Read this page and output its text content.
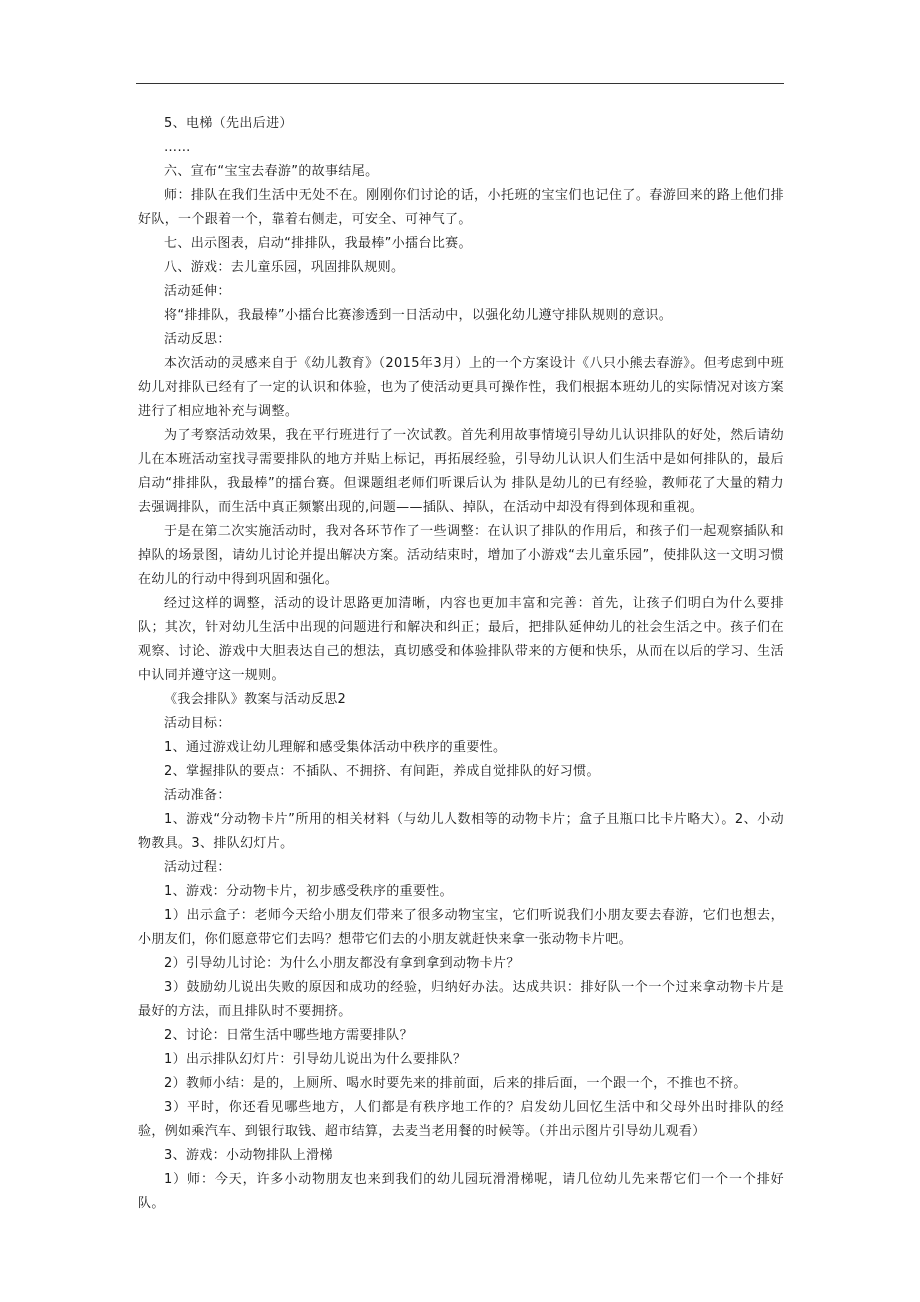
5、电梯（先出后进）

……

六、宣布“宝宝去春游”的故事结尾。

师：排队在我们生活中无处不在。刚刚你们讨论的话，小托班的宝宝们也记住了。春游回来的路上他们排好队，一个跟着一个，靠着右侧走，可安全、可神气了。

七、出示图表，启动“排排队，我最棒”小擂台比赛。

八、游戏：去儿童乐园，巩固排队规则。

活动延伸：

将“排排队，我最棒”小擂台比赛渗透到一日活动中，以强化幼儿遵守排队规则的意识。

活动反思：

本次活动的灵感来自于《幼儿教育》（2015年3月）上的一个方案设计《八只小熊去春游》。但考虑到中班幼儿对排队已经有了一定的认识和体验，也为了使活动更具可操作性，我们根据本班幼儿的实际情况对该方案进行了相应地补充与调整。

为了考察活动效果，我在平行班进行了一次试教。首先利用故事情境引导幼儿认识排队的好处，然后请幼儿在本班活动室找寻需要排队的地方并贴上标记，再拓展经验，引导幼儿认识人们生活中是如何排队的，最后启动“排排队，我最棒”的擂台赛。但课题组老师们听课后认为 排队是幼儿的已有经验，教师花了大量的精力去强调排队，而生活中真正频繁出现的,问题——插队、掉队，在活动中却没有得到体现和重视。

于是在第二次实施活动时，我对各环节作了一些调整：在认识了排队的作用后，和孩子们一起观察插队和掉队的场景图，请幼儿讨论并提出解决方案。活动结束时，增加了小游戏“去儿童乐园”，使排队这一文明习惯在幼儿的行动中得到巩固和强化。

经过这样的调整，活动的设计思路更加清晰，内容也更加丰富和完善：首先，让孩子们明白为什么要排队；其次，针对幼儿生活中出现的问题进行和解决和纠正；最后，把排队延伸幼儿的社会生活之中。孩子们在观察、讨论、游戏中大胆表达自己的想法，真切感受和体验排队带来的方便和快乐，从而在以后的学习、生活中认同并遵守这一规则。

《我会排队》教案与活动反思2

活动目标：

1、通过游戏让幼儿理解和感受集体活动中秩序的重要性。

2、掌握排队的要点：不插队、不拥挤、有间距，养成自觉排队的好习惯。

活动准备：

1、游戏“分动物卡片”所用的相关材料（与幼儿人数相等的动物卡片；盒子且瓶口比卡片略大）。2、小动物教具。3、排队幻灯片。

活动过程：

1、游戏：分动物卡片，初步感受秩序的重要性。

1）出示盒子：老师今天给小朋友们带来了很多动物宝宝，它们听说我们小朋友要去春游，它们也想去，小朋友们，你们愿意带它们去吗？想带它们去的小朋友就赶快来拿一张动物卡片吧。

2）引导幼儿讨论：为什么小朋友都没有拿到拿到动物卡片？

3）鼓励幼儿说出失败的原因和成功的经验，归纳好办法。达成共识：排好队一个一个过来拿动物卡片是最好的方法，而且排队时不要拥挤。

2、讨论：日常生活中哪些地方需要排队？

1）出示排队幻灯片：引导幼儿说出为什么要排队？

2）教师小结：是的，上厕所、喝水时要先来的排前面，后来的排后面，一个跟一个，不推也不挤。

3）平时，你还看见哪些地方，人们都是有秩序地工作的？启发幼儿回忆生活中和父母外出时排队的经验，例如乘汽车、到银行取钱、超市结算，去麦当老用餐的时候等。（并出示图片引导幼儿观看）

3、游戏：小动物排队上滑梯

1）师：今天，许多小动物朋友也来到我们的幼儿园玩滑滑梯呢，请几位幼儿先来帮它们一个一个排好队。
